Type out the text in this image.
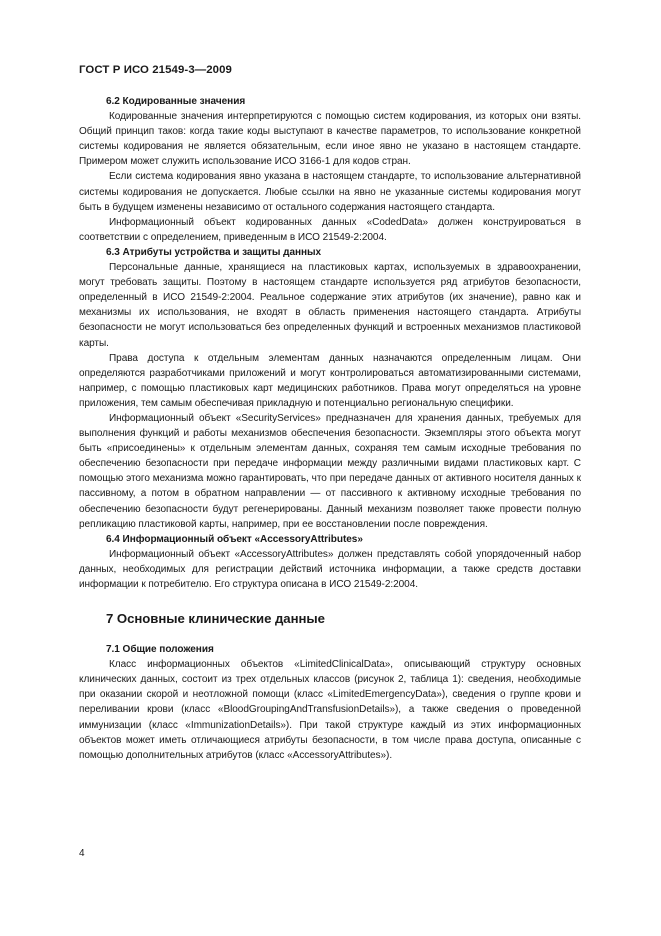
ГОСТ Р ИСО 21549-3—2009
6.2 Кодированные значения

Кодированные значения интерпретируются с помощью систем кодирования, из которых они взяты. Общий принцип таков: когда такие коды выступают в качестве параметров, то использование конкретной системы кодирования не является обязательным, если иное явно не указано в настоящем стандарте. Примером может служить использование ИСО 3166-1 для кодов стран.

Если система кодирования явно указана в настоящем стандарте, то использование альтернативной системы кодирования не допускается. Любые ссылки на явно не указанные системы кодирования могут быть в будущем изменены независимо от остального содержания настоящего стандарта.

Информационный объект кодированных данных «CodedData» должен конструироваться в соответствии с определением, приведенным в ИСО 21549-2:2004.

6.3 Атрибуты устройства и защиты данных

Персональные данные, хранящиеся на пластиковых картах, используемых в здравоохранении, могут требовать защиты. Поэтому в настоящем стандарте используется ряд атрибутов безопасности, определенный в ИСО 21549-2:2004. Реальное содержание этих атрибутов (их значение), равно как и механизмы их использования, не входят в область применения настоящего стандарта. Атрибуты безопасности не могут использоваться без определенных функций и встроенных механизмов пластиковой карты.

Права доступа к отдельным элементам данных назначаются определенным лицам. Они определяются разработчиками приложений и могут контролироваться автоматизированными системами, например, с помощью пластиковых карт медицинских работников. Права могут определяться на уровне приложения, тем самым обеспечивая прикладную и потенциально региональную специфики.

Информационный объект «SecurityServices» предназначен для хранения данных, требуемых для выполнения функций и работы механизмов обеспечения безопасности. Экземпляры этого объекта могут быть «присоединены» к отдельным элементам данных, сохраняя тем самым исходные требования по обеспечению безопасности при передаче информации между различными видами пластиковых карт. С помощью этого механизма можно гарантировать, что при передаче данных от активного носителя данных к пассивному, а потом в обратном направлении — от пассивного к активному исходные требования по обеспечению безопасности будут регенерированы. Данный механизм позволяет также провести полную репликацию пластиковой карты, например, при ее восстановлении после повреждения.

6.4 Информационный объект «AccessoryAttributes»

Информационный объект «AccessoryAttributes» должен представлять собой упорядоченный набор данных, необходимых для регистрации действий источника информации, а также средств доставки информации к потребителю. Его структура описана в ИСО 21549-2:2004.

7 Основные клинические данные
7.1 Общие положения

Класс информационных объектов «LimitedClinicalData», описывающий структуру основных клинических данных, состоит из трех отдельных классов (рисунок 2, таблица 1): сведения, необходимые при оказании скорой и неотложной помощи (класс «LimitedEmergencyData»), сведения о группе крови и переливании крови (класс «BloodGroupingAndTransfusionDetails»), а также сведения о проведенной иммунизации (класс «ImmunizationDetails»). При такой структуре каждый из этих информационных объектов может иметь отличающиеся атрибуты безопасности, в том числе права доступа, описанные с помощью дополнительных атрибутов (класс «AccessoryAttributes»).

4
